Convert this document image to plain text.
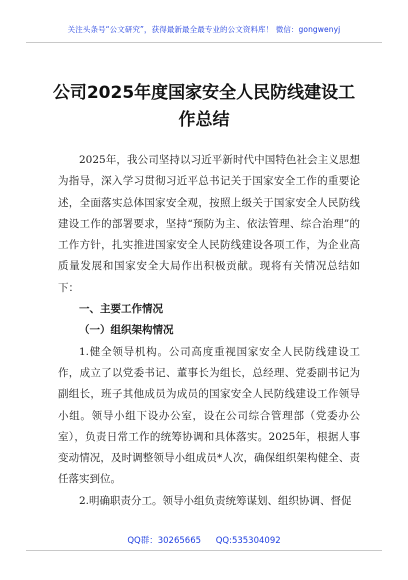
关注头条号“公文研究”，获得最新最全最专业的公文资料库！ 微信：gongwenyj
公司2025年度国家安全人民防线建设工
作总结

2025年，我公司坚持以习近平新时代中国特色社会主义思想为指导，深入学习贯彻习近平总书记关于国家安全工作的重要论述，全面落实总体国家安全观，按照上级关于国家安全人民防线建设工作的部署要求，坚持“预防为主、依法管理、综合治理”的工作方针，扎实推进国家安全人民防线建设各项工作，为企业高质量发展和国家安全大局作出积极贡献。现将有关情况总结如下：

一、主要工作情况
（一）组织架构情况

1.健全领导机构。公司高度重视国家安全人民防线建设工作，成立了以党委书记、董事长为组长，总经理、党委副书记为副组长，班子其他成员为成员的国家安全人民防线建设工作领导小组。领导小组下设办公室，设在公司综合管理部（党委办公室），负责日常工作的统筹协调和具体落实。2025年，根据人事变动情况，及时调整领导小组成员*人次，确保组织架构健全、责任落实到位。

2.明确职责分工。领导小组负责统筹谋划、组织协调、督促

QQ群：30265665 QQ:535304092
